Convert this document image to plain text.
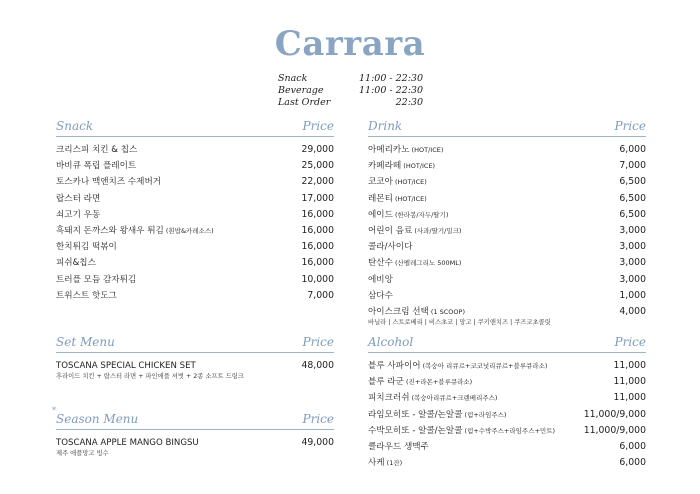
Carrara
Snack	11:00 - 22:30
Beverage	11:00 - 22:30
Last Order	22:30
Snack	Price
크리스피 치킨 & 칩스	29,000
바비큐 폭립 플레이트	25,000
토스카나 맥앤치즈 수제버거	22,000
랍스터 라면	17,000
쇠고기 우동	16,000
흑돼지 돈까스와 왕새우 튀김 (흰밥&카레소스)	16,000
한치튀김 떡볶이	16,000
피쉬&칩스	16,000
트러플 모듬 감자튀김	10,000
트위스트 핫도그	7,000
Set Menu	Price
TOSCANA SPECIAL CHICKEN SET	48,000
후라이드 치킨 + 랍스터 라면 + 파인애플 셔벗 + 2종 소프트 드링크
*
Season Menu	Price
TOSCANA APPLE MANGO BINGSU	49,000
제주 애플망고 빙수
Drink	Price
아메리카노 (HOT/ICE)	6,000
카페라떼 (HOT/ICE)	7,000
코코아 (HOT/ICE)	6,500
레몬티 (HOT/ICE)	6,500
에이드 (한라봉/자두/딸기)	6,500
어린이 음료 (사과/딸기/밀크)	3,000
콜라/사이다	3,000
탄산수 (산펠레그리노 500ML)	3,000
에비앙	3,000
삼다수	1,000
아이스크림 선택 (1 SCOOP)	4,000
바닐라 | 스트로베리 | 비스초코 | 망고 | 쿠키앤치즈 | 쿠즈코초콜릿
Alcohol	Price
블루 사파이어 (복숭아 리큐르+코코넛리큐르+블루큐라소)	11,000
블루 라군 (진+라몬+블루큐라소)	11,000
피치크러쉬 (복숭아리큐르+크랜베리주스)	11,000
라임모히또 - 알콜/논알콜 (럼+라임주스)	11,000/9,000
수박모히또 - 알콜/논알콜 (럼+수박주스+라임주스+민트)	11,000/9,000
클라우드 생맥주	6,000
사케 (1잔)	6,000
